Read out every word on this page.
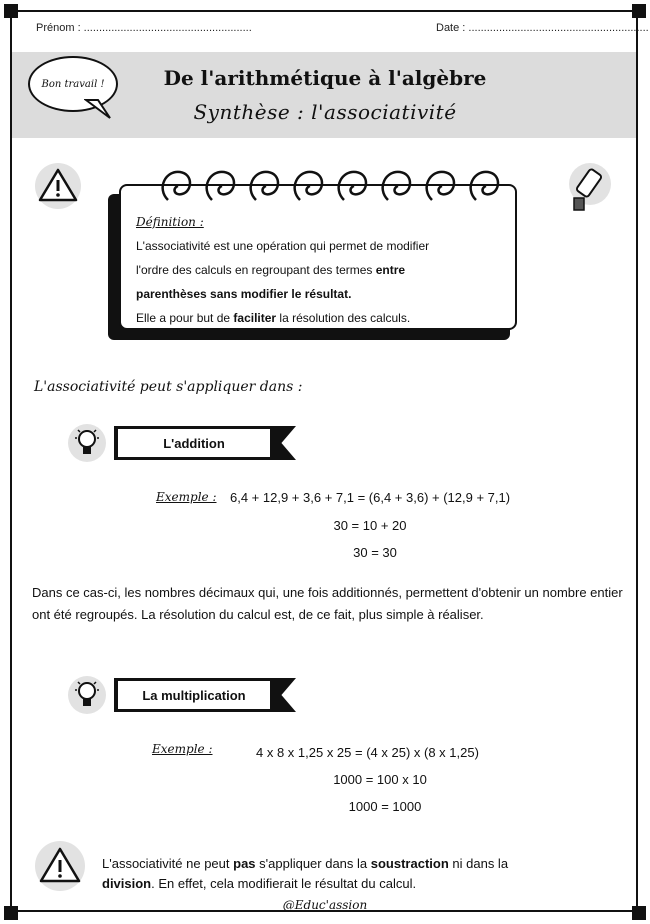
Prénom : .......................................................	Date : ...........................................................
Bon travail !	De l'arithmétique à l'algèbre
Synthèse : l'associativité
Définition :
L'associativité est une opération qui permet de modifier
l'ordre des calculs en regroupant des termes entre
parenthèses sans modifier le résultat.
Elle a pour but de faciliter la résolution des calculs.
L'associativité peut s'appliquer dans :
L'addition
Exemple : 6,4 + 12,9 + 3,6 + 7,1 = (6,4 + 3,6) + (12,9 + 7,1)
30 = 10 + 20
30 = 30
Dans ce cas-ci, les nombres décimaux qui, une fois additionnés, permettent d'obtenir un nombre entier ont été regroupés. La résolution du calcul est, de ce fait, plus simple à réaliser.
La multiplication
Exemple :	4 x 8 x 1,25 x 25 = (4 x 25) x (8 x 1,25)
1000 = 100 x 10
1000 = 1000
L'associativité ne peut pas s'appliquer dans la soustraction ni dans la
division. En effet, cela modifierait le résultat du calcul.
@Educ'assion
